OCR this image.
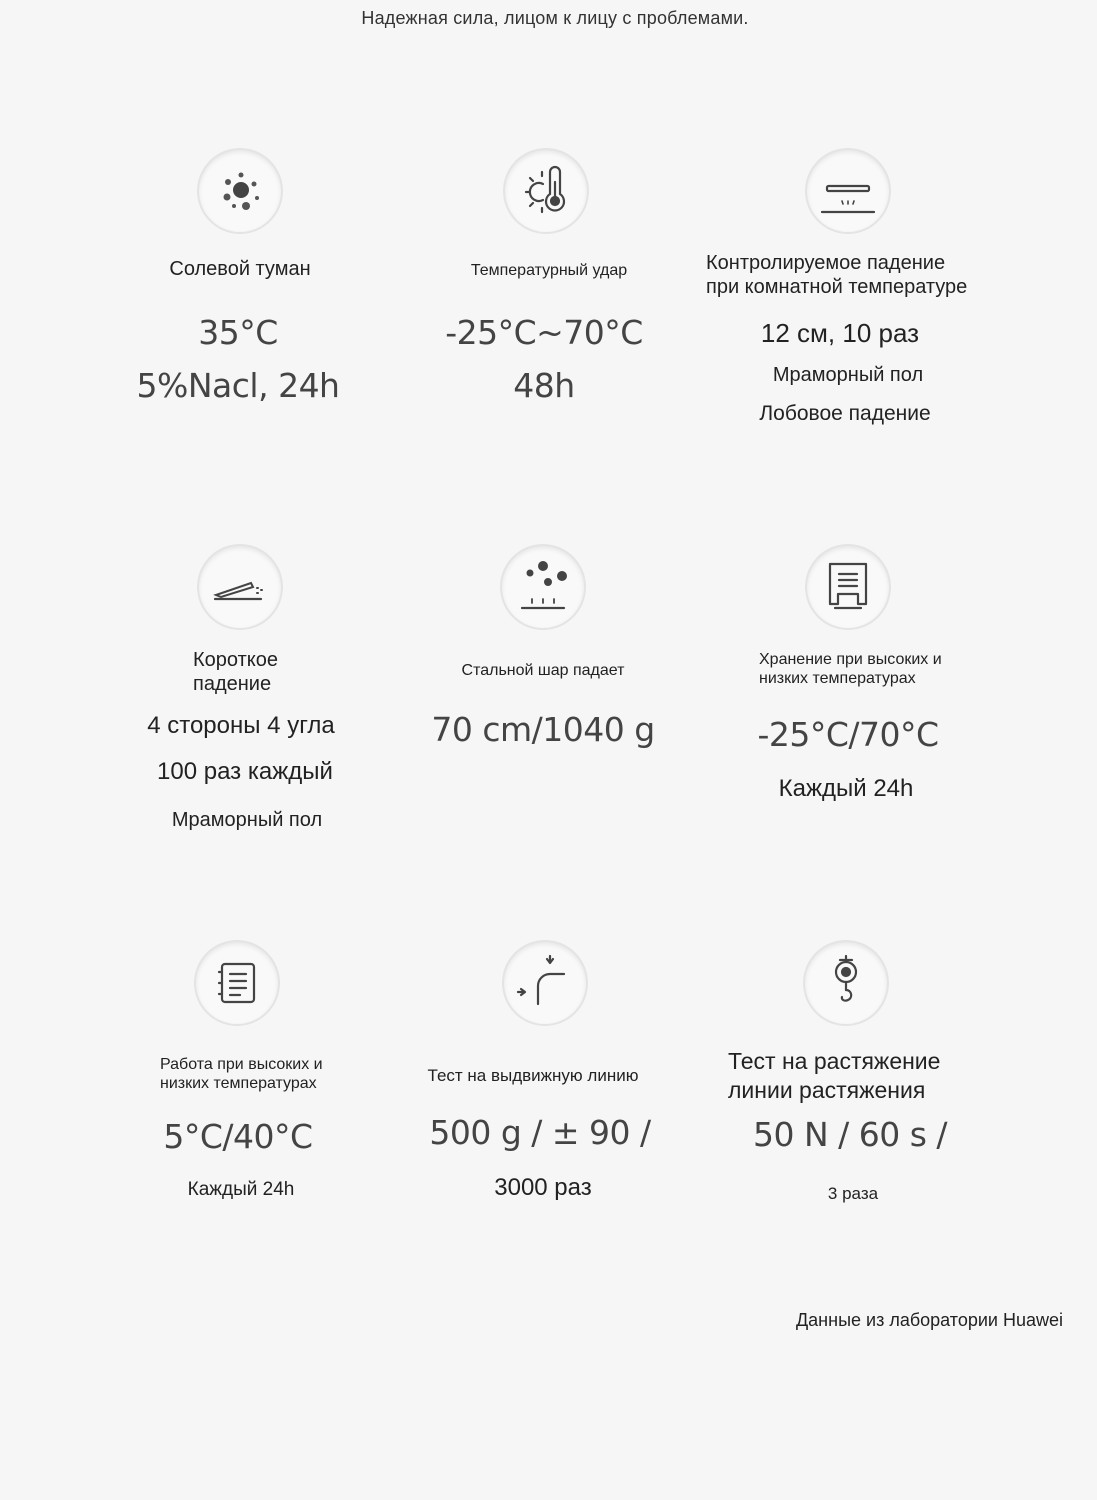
Надежная сила, лицом к лицу с проблемами.
Солевой туман
35°C
5%Nacl, 24h
Температурный удар
-25°C~70°C
48h
Контролируемое падение
при комнатной температуре
12 см, 10 раз
Мраморный пол
Лобовое падение
Короткое
падение
4 стороны 4 угла
100 раз каждый
Мраморный пол
Стальной шар падает
70 cm/1040 g
Хранение при высоких и
низких температурах
-25°C/70°C
Каждый 24h
Работа при высоких и
низких температурах
5°C/40°C
Каждый 24h
Тест на выдвижную линию
500 g / ± 90 /
3000 раз
Тест на растяжение
линии растяжения
50 N / 60 s /
3 раза
Данные из лаборатории Huawei
